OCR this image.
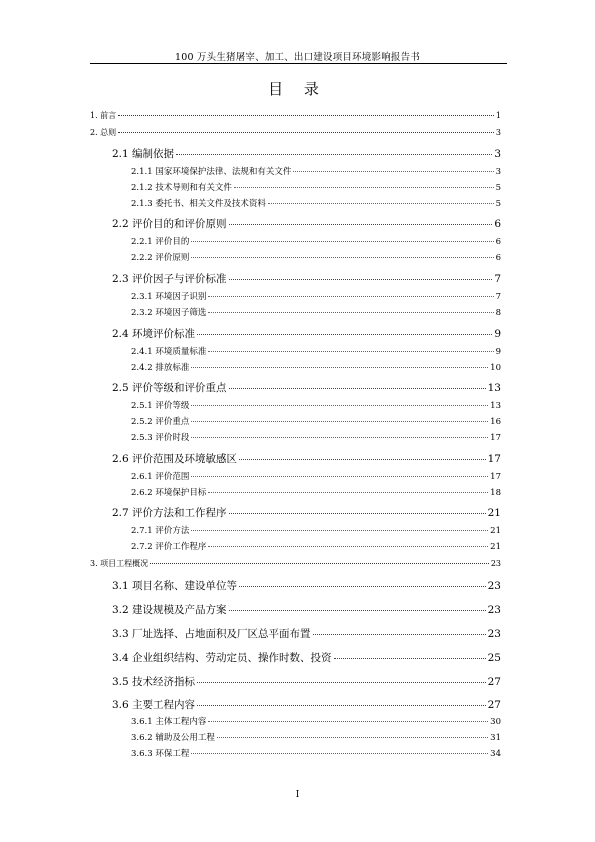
100 万头生猪屠宰、加工、出口建设项目环境影响报告书
目 录
1. 前言	1
2. 总则	3
2.1 编制依据	3
2.1.1 国家环境保护法律、法规和有关文件	3
2.1.2 技术导则和有关文件	5
2.1.3 委托书、相关文件及技术资料	5
2.2 评价目的和评价原则	6
2.2.1 评价目的	6
2.2.2 评价原则	6
2.3 评价因子与评价标准	7
2.3.1 环境因子识别	7
2.3.2 环境因子筛选	8
2.4 环境评价标准	9
2.4.1 环境质量标准	9
2.4.2 排放标准	10
2.5 评价等级和评价重点	13
2.5.1 评价等级	13
2.5.2 评价重点	16
2.5.3 评价时段	17
2.6 评价范围及环境敏感区	17
2.6.1 评价范围	17
2.6.2 环境保护目标	18
2.7 评价方法和工作程序	21
2.7.1 评价方法	21
2.7.2 评价工作程序	21
3. 项目工程概况	23
3.1 项目名称、建设单位等	23
3.2 建设规模及产品方案	23
3.3 厂址选择、占地面积及厂区总平面布置	23
3.4 企业组织结构、劳动定员、操作时数、投资	25
3.5 技术经济指标	27
3.6 主要工程内容	27
3.6.1 主体工程内容	30
3.6.2 辅助及公用工程	31
3.6.3 环保工程	34
I
